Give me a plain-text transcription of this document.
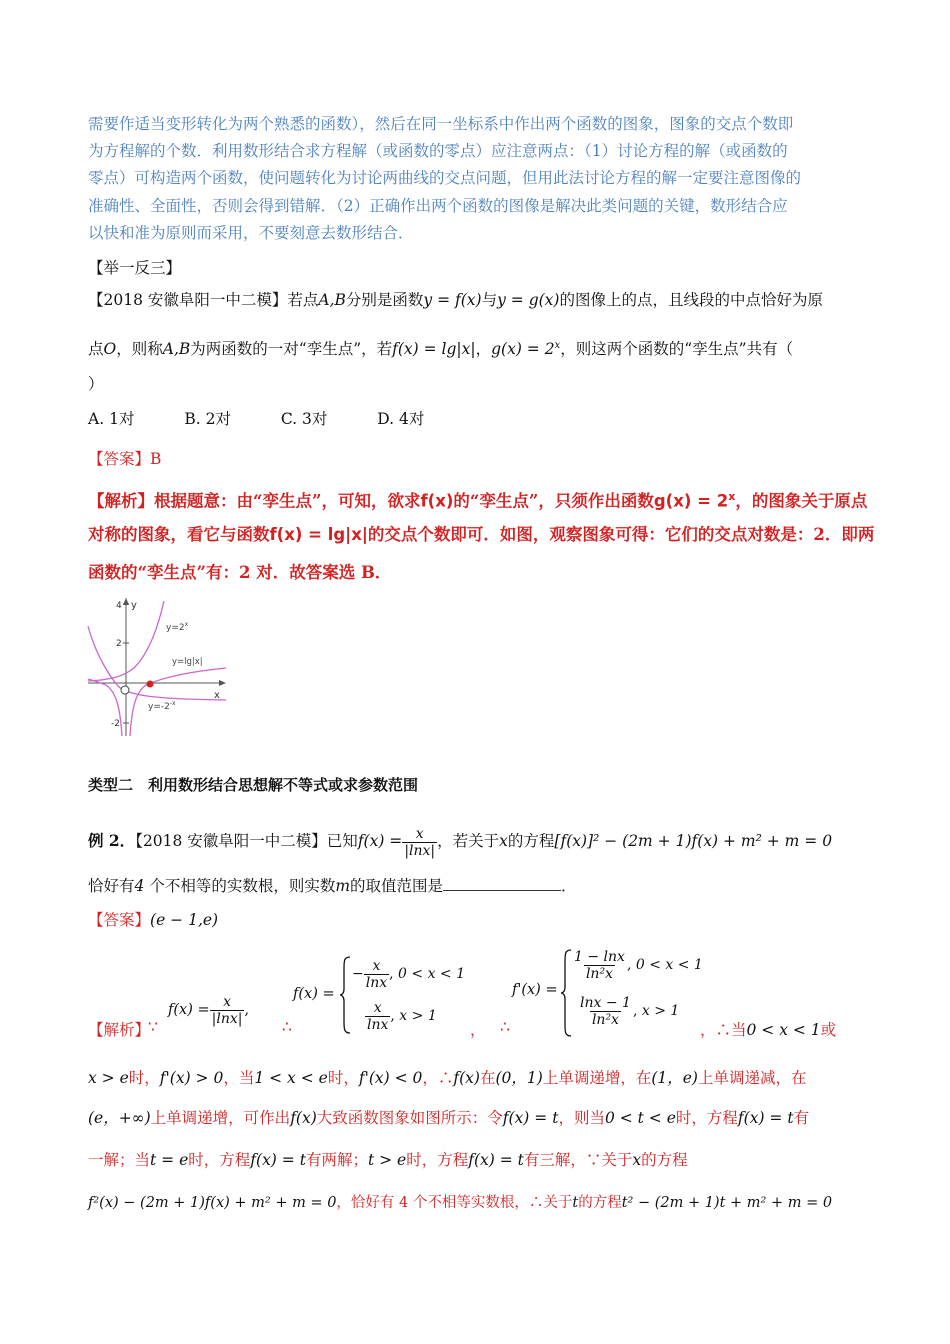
需要作适当变形转化为两个熟悉的函数），然后在同一坐标系中作出两个函数的图象，图象的交点个数即
为方程解的个数．利用数形结合求方程解（或函数的零点）应注意两点：（1）讨论方程的解（或函数的
零点）可构造两个函数，使问题转化为讨论两曲线的交点问题，但用此法讨论方程的解一定要注意图像的
准确性、全面性，否则会得到错解．（2）正确作出两个函数的图像是解决此类问题的关键，数形结合应
以快和准为原则而采用，不要刻意去数形结合．
【举一反三】
【2018 安徽阜阳一中二模】若点A,B分别是函数y = f(x)与y = g(x)的图像上的点，且线段的中点恰好为原
点O，则称A,B为两函数的一对“孪生点”，若f(x) = lg|x|，$g(x) = 2^x$，则这两个函数的“孪生点”共有（
）
A. 1对	B. 2对	C. 3对	D. 4对
【答案】B
【解析】根据题意：由“孪生点”，可知，欲求f(x)的“孪生点”，只须作出函数$g(x) = 2^x$，的图象关于原点
对称的图象，看它与函数f(x) = lg|x|的交点个数即可．如图，观察图象可得：它们的交点对数是：2．即两
函数的“孪生点”有：2 对．故答案选 B．
4
2
-2
y
x
$y=2^x$
y=lg|x|
$y=-2^{-x}$
类型二　利用数形结合思想解不等式或求参数范围
例 2．【2018 安徽阜阳一中二模】已知$f(x) = \frac{x}{|\ln x|}$ ，若关于x的方程[f(x)]² − (2m + 1)f(x) + m² + m = 0
恰好有4 个不相等的实数根，则实数m的取值范围是	．
【答案】(e − 1,e)
【解析】
∵
$f(x) = \frac{x}{|\ln x|}$ ,
∴
f(x) =
− $\frac{x}{\ln x}$ , 0 < x < 1
$\frac{x}{\ln x}$ , x > 1
， ∴
f'(x) =
$\frac{1 - \ln x}{\text{ln²x}}$ , 0 < x < 1
$\frac{\ln x - 1}{\text{ln²x}}$ , x > 1
，∴当0 < x < 1或
x > e时，f'(x) > 0，当1 < x < e时，f'(x) < 0，∴f(x)在(0，1)上单调递增，在(1，e)上单调递减，在
(e，+∞)上单调递增，可作出f(x)大致函数图象如图所示：令f(x) = t，则当0 < t < e时，方程f(x) = t有
一解；当t = e时，方程f(x) = t有两解；t > e时，方程f(x) = t有三解，∵关于x的方程
f²(x) − (2m + 1)f(x) + m² + m = 0，恰好有 4 个不相等实数根，∴关于t的方程t² − (2m + 1)t + m² + m = 0
